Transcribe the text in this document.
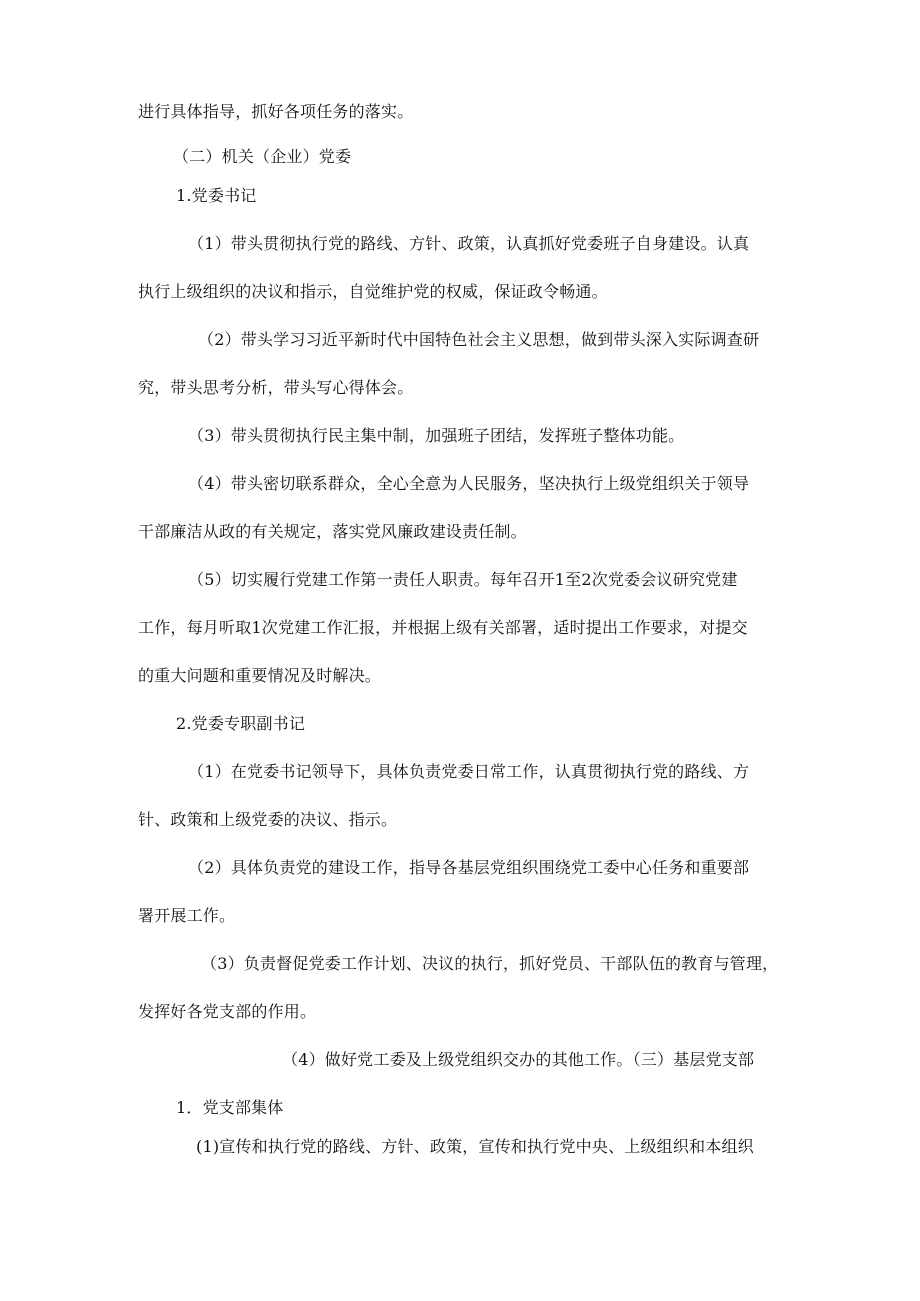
进行具体指导，抓好各项任务的落实。
（二）机关（企业）党委
1.党委书记
（1）带头贯彻执行党的路线、方针、政策，认真抓好党委班子自身建设。认真
执行上级组织的决议和指示，自觉维护党的权威，保证政令畅通。
（2）带头学习习近平新时代中国特色社会主义思想，做到带头深入实际调查研
究，带头思考分析，带头写心得体会。
（3）带头贯彻执行民主集中制，加强班子团结，发挥班子整体功能。
（4）带头密切联系群众，全心全意为人民服务，坚决执行上级党组织关于领导
干部廉洁从政的有关规定，落实党风廉政建设责任制。
（5）切实履行党建工作第一责任人职责。每年召开1至2次党委会议研究党建
工作，每月听取1次党建工作汇报，并根据上级有关部署，适时提出工作要求，对提交
的重大问题和重要情况及时解决。
2.党委专职副书记
（1）在党委书记领导下，具体负责党委日常工作，认真贯彻执行党的路线、方
针、政策和上级党委的决议、指示。
（2）具体负责党的建设工作，指导各基层党组织围绕党工委中心任务和重要部
署开展工作。
（3）负责督促党委工作计划、决议的执行，抓好党员、干部队伍的教育与管理，
发挥好各党支部的作用。
（4）做好党工委及上级党组织交办的其他工作。（三）基层党支部
1．党支部集体
(1)宣传和执行党的路线、方针、政策，宣传和执行党中央、上级组织和本组织
